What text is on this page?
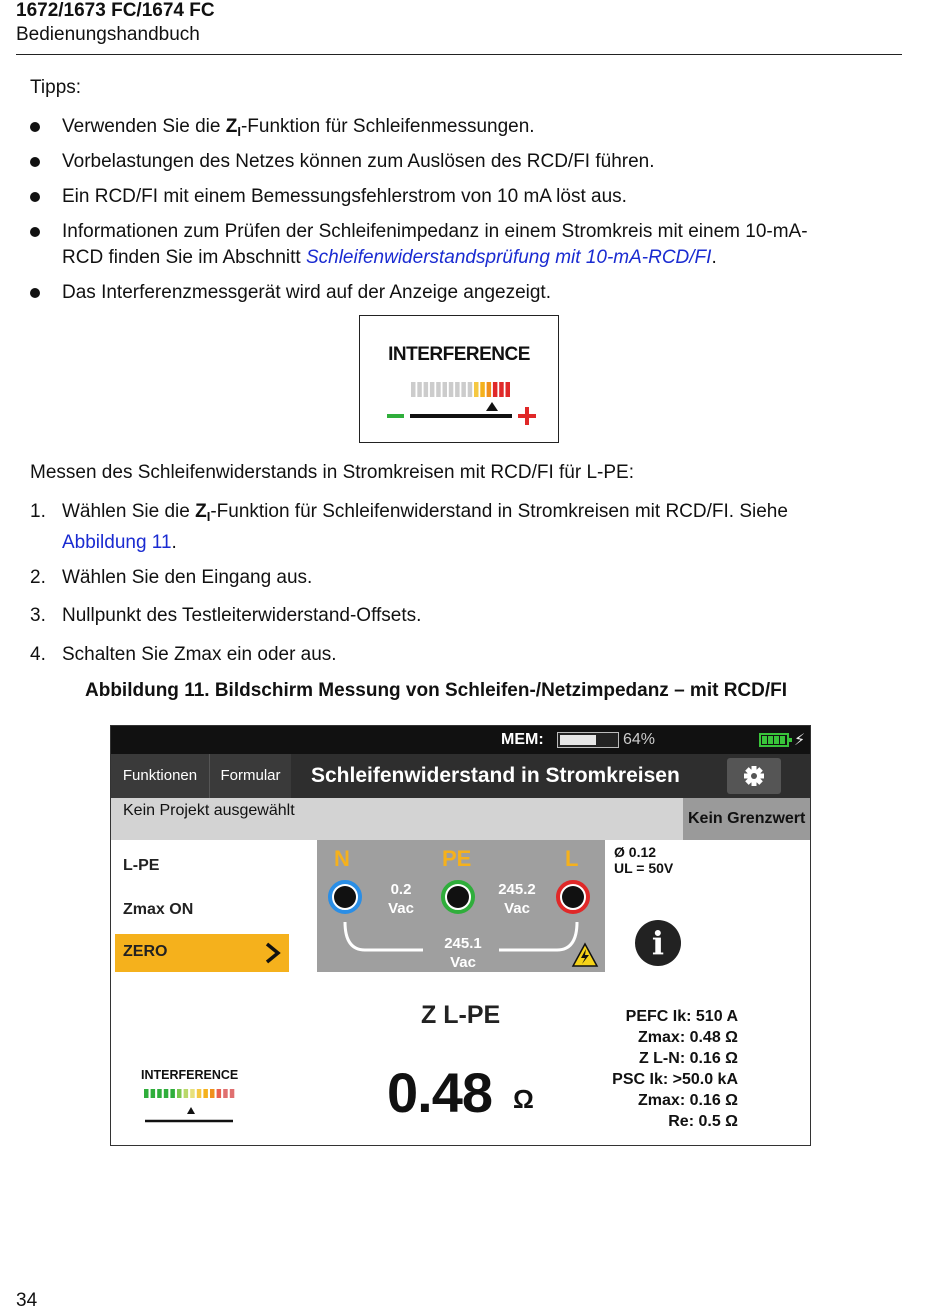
1672/1673 FC/1674 FC
Bedienungshandbuch
Tipps:
Verwenden Sie die $Z_I$-Funktion für Schleifenmessungen.
Vorbelastungen des Netzes können zum Auslösen des RCD/FI führen.
Ein RCD/FI mit einem Bemessungsfehlerstrom von 10 mA löst aus.
Informationen zum Prüfen der Schleifenimpedanz in einem Stromkreis mit einem 10-mA-
RCD finden Sie im Abschnitt Schleifenwiderstandsprüfung mit 10-mA-RCD/FI.
Das Interferenzmessgerät wird auf der Anzeige angezeigt.
INTERFERENCE
Messen des Schleifenwiderstands in Stromkreisen mit RCD/FI für L-PE:
1. Wählen Sie die $Z_I$-Funktion für Schleifenwiderstand in Stromkreisen mit RCD/FI. Siehe
Abbildung 11.
2. Wählen Sie den Eingang aus.
3. Nullpunkt des Testleiterwiderstand-Offsets.
4. Schalten Sie Zmax ein oder aus.
Abbildung 11. Bildschirm Messung von Schleifen-/Netzimpedanz – mit RCD/FI
MEM:	64%	⚡
Funktionen	Formular	Schleifenwiderstand in Stromkreisen
Kein Projekt ausgewählt	Kein Grenzwert
L-PE
Zmax ON
ZERO
N	PE	L
0.2
Vac
245.2
Vac
245.1
Vac
Ø 0.12
UL = 50V
i
Z L-PE
0.48 Ω
PEFC Ik: 510 A
Zmax: 0.48 Ω
Z L-N: 0.16 Ω
PSC Ik: >50.0 kA
Zmax: 0.16 Ω
Re: 0.5 Ω
INTERFERENCE
34
